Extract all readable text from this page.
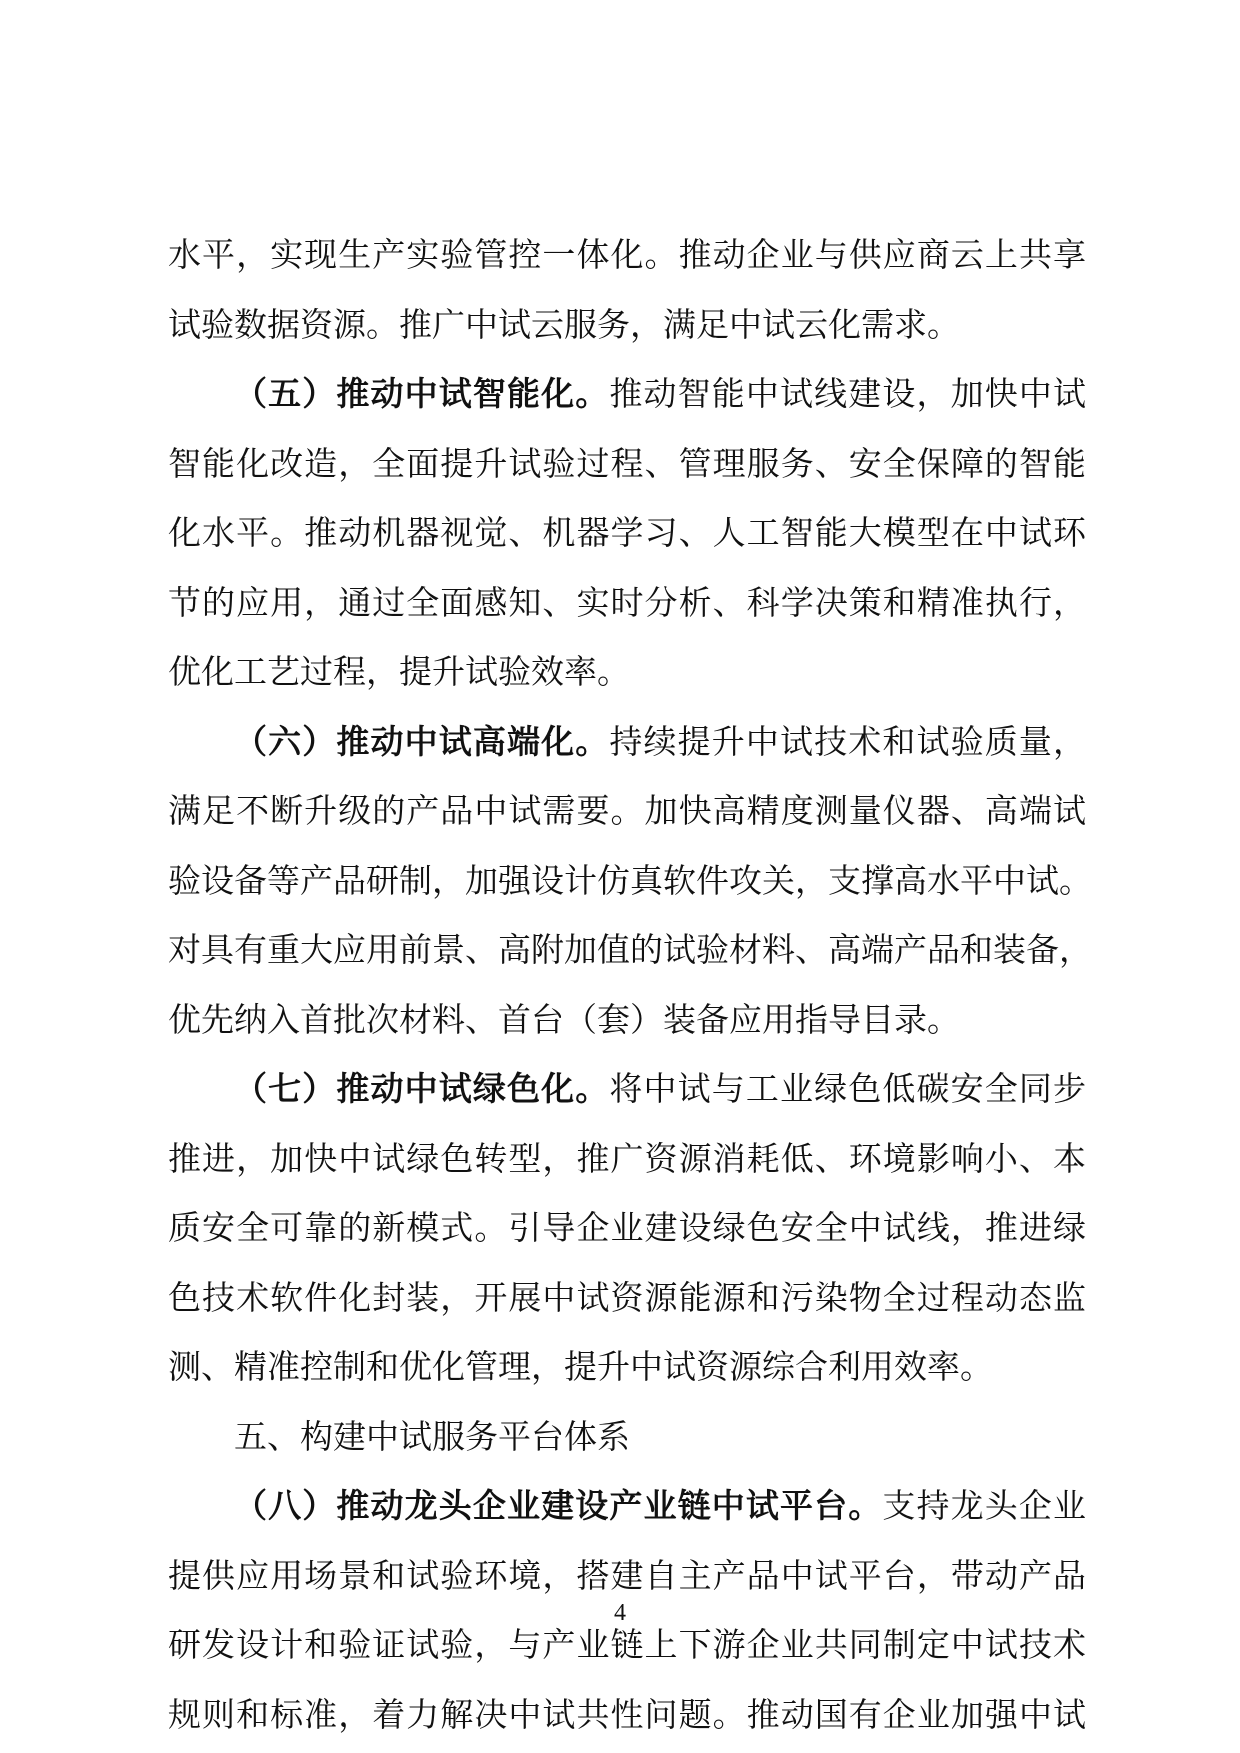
水平，实现生产实验管控一体化。推动企业与供应商云上共享
试验数据资源。推广中试云服务，满足中试云化需求。
（五）推动中试智能化。推动智能中试线建设，加快中试
智能化改造，全面提升试验过程、管理服务、安全保障的智能
化水平。推动机器视觉、机器学习、人工智能大模型在中试环
节的应用，通过全面感知、实时分析、科学决策和精准执行，
优化工艺过程，提升试验效率。
（六）推动中试高端化。持续提升中试技术和试验质量，
满足不断升级的产品中试需要。加快高精度测量仪器、高端试
验设备等产品研制，加强设计仿真软件攻关，支撑高水平中试。
对具有重大应用前景、高附加值的试验材料、高端产品和装备，
优先纳入首批次材料、首台（套）装备应用指导目录。
（七）推动中试绿色化。将中试与工业绿色低碳安全同步
推进，加快中试绿色转型，推广资源消耗低、环境影响小、本
质安全可靠的新模式。引导企业建设绿色安全中试线，推进绿
色技术软件化封装，开展中试资源能源和污染物全过程动态监
测、精准控制和优化管理，提升中试资源综合利用效率。
五、构建中试服务平台体系
（八）推动龙头企业建设产业链中试平台。支持龙头企业
提供应用场景和试验环境，搭建自主产品中试平台，带动产品
研发设计和验证试验，与产业链上下游企业共同制定中试技术
规则和标准，着力解决中试共性问题。推动国有企业加强中试
4
